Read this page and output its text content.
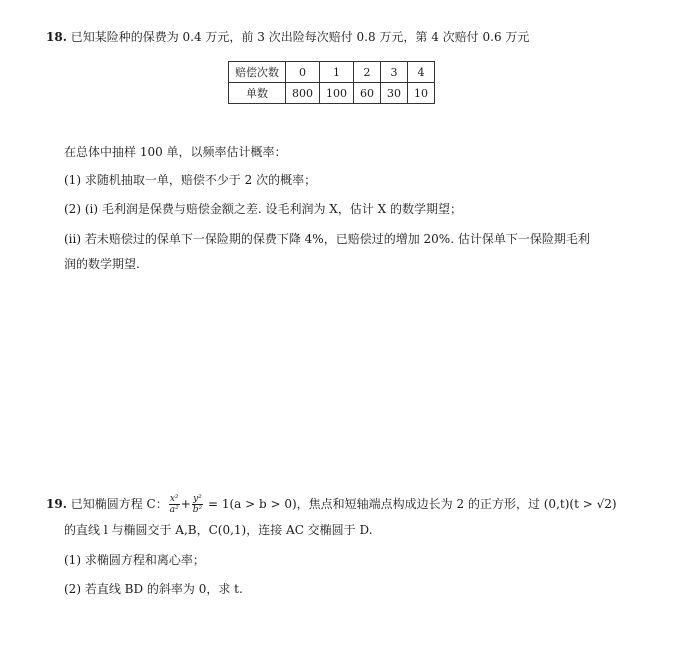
18. 已知某险种的保费为 0.4 万元，前 3 次出险每次赔付 0.8 万元，第 4 次赔付 0.6 万元
赔偿次数	0	1	2	3	4
单数	800	100	60	30	10
在总体中抽样 100 单，以频率估计概率：
(1) 求随机抽取一单，赔偿不少于 2 次的概率；
(2) (i) 毛利润是保费与赔偿金额之差. 设毛利润为 X，估计 X 的数学期望；
(ii) 若未赔偿过的保单下一保险期的保费下降 4%，已赔偿过的增加 20%. 估计保单下一保险期毛利
润的数学期望.
19. 已知椭圆方程 C： $\frac{\text{x²}}{\text{a²}} + \frac{\text{y²}}{\text{b²}} = 1(a > b > 0)$，焦点和短轴端点构成边长为 2 的正方形，过 (0,t)(t > √2)
的直线 l 与椭圆交于 A,B，C(0,1)，连接 AC 交椭圆于 D.
(1) 求椭圆方程和离心率；
(2) 若直线 BD 的斜率为 0，求 t.
